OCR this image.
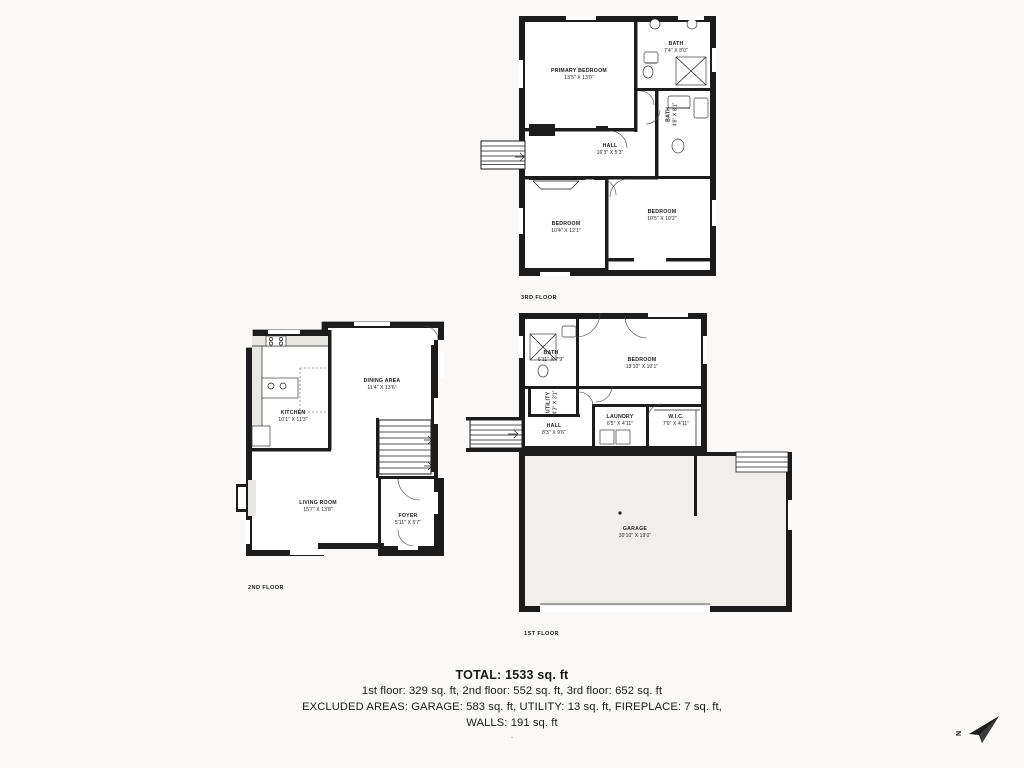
PRIMARY BEDROOM
13'5" X 13'0"
BATH
7'4" X 8'0"
BATH 4'8" X 8'1"
HALL
16'3" X 5'3"
BEDROOM
10'5" X 10'2"
BEDROOM
10'4" X 12'1"
3RD FLOOR
KITCHEN
10'1" X 11'3"
DINING AREA
11'4" X 13'6"
LIVING ROOM
15'7" X 13'8"
FOYER
5'11" X 5'7"
2ND FLOOR
BATH
6'11" X 7'9"	BEDROOM
13'10" X 10'1"
UTILITY 4'3" X 3'1"
HALL
8'3" X 9'6"
LAUNDRY
6'5" X 4'11"
W.I.C.
7'0" X 4'11"
GARAGE
30'10" X 19'0"
1ST FLOOR
TOTAL: 1533 sq. ft
1st floor: 329 sq. ft, 2nd floor: 552 sq. ft, 3rd floor: 652 sq. ft
EXCLUDED AREAS: GARAGE: 583 sq. ft, UTILITY: 13 sq. ft, FIREPLACE: 7 sq. ft,
WALLS: 191 sq. ft
.	N
